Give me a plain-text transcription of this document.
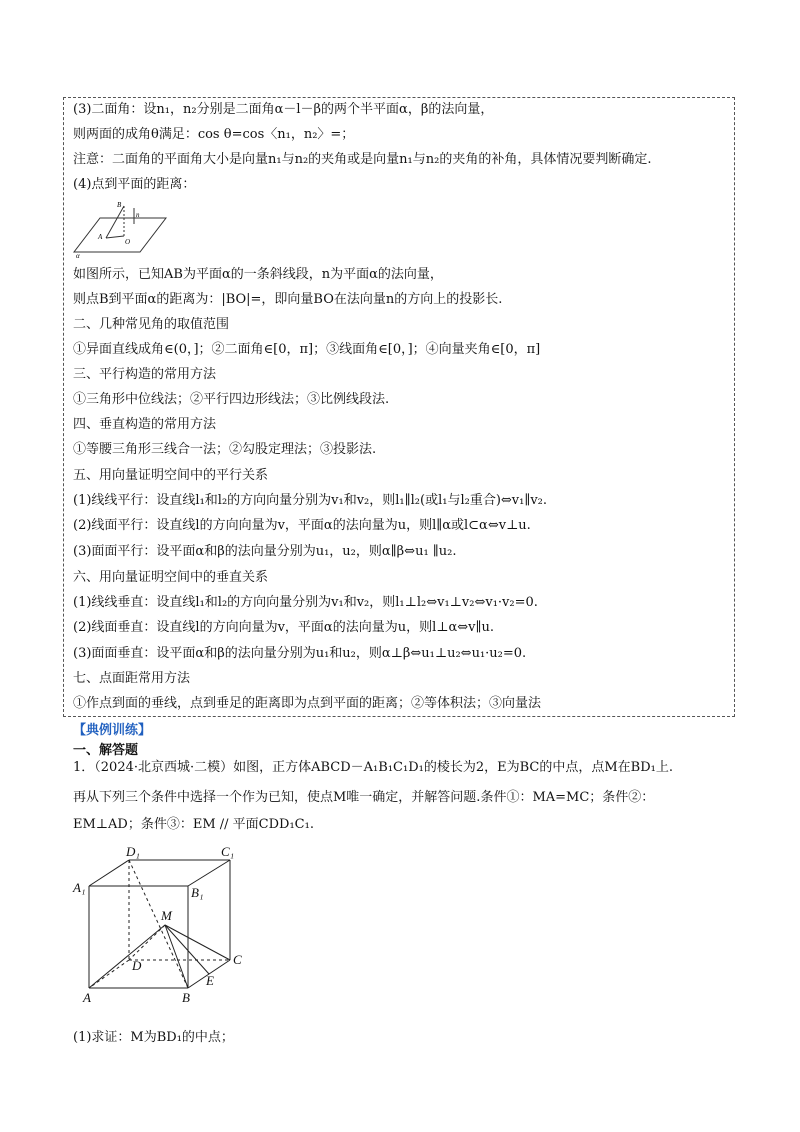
(3)二面角：设n₁，n₂分别是二面角α－l－β的两个半平面α，β的法向量，
则两面的成角θ满足：cos θ=cos〈n₁，n₂〉=；
注意：二面角的平面角大小是向量n₁与n₂的夹角或是向量n₁与n₂的夹角的补角，具体情况要判断确定.
(4)点到平面的距离：
B
n
A
O
α
如图所示，已知AB为平面α的一条斜线段，n为平面α的法向量，
则点B到平面α的距离为：|BO|=，即向量BO在法向量n的方向上的投影长.
二、几种常见角的取值范围
①异面直线成角∈(0，]；②二面角∈[0，π]；③线面角∈[0，]；④向量夹角∈[0，π]
三、平行构造的常用方法
①三角形中位线法；②平行四边形线法；③比例线段法.
四、垂直构造的常用方法
①等腰三角形三线合一法；②勾股定理法；③投影法.
五、用向量证明空间中的平行关系
(1)线线平行：设直线l₁和l₂的方向向量分别为v₁和v₂，则l₁∥l₂(或l₁与l₂重合)⇔v₁∥v₂.
(2)线面平行：设直线l的方向向量为v，平面α的法向量为u，则l∥α或l⊂α⇔v⊥u.
(3)面面平行：设平面α和β的法向量分别为u₁，u₂，则α∥β⇔u₁ ∥u₂.
六、用向量证明空间中的垂直关系
(1)线线垂直：设直线l₁和l₂的方向向量分别为v₁和v₂，则l₁⊥l₂⇔v₁⊥v₂⇔v₁·v₂=0.
(2)线面垂直：设直线l的方向向量为v，平面α的法向量为u，则l⊥α⇔v∥u.
(3)面面垂直：设平面α和β的法向量分别为u₁和u₂，则α⊥β⇔u₁⊥u₂⇔u₁·u₂=0.
七、点面距常用方法
①作点到面的垂线，点到垂足的距离即为点到平面的距离；②等体积法；③向量法
【典例训练】
一、解答题
1．（2024·北京西城·二模）如图，正方体ABCD－A₁B₁C₁D₁的棱长为2，E为BC的中点，点M在BD₁上.
再从下列三个条件中选择一个作为已知，使点M唯一确定，并解答问题.条件①：MA=MC；条件②：
EM⊥AD；条件③：EM // 平面CDD₁C₁.
D₁	C₁
A₁	B₁
M
D	C
E
A	B
(1)求证：M为BD₁的中点；
